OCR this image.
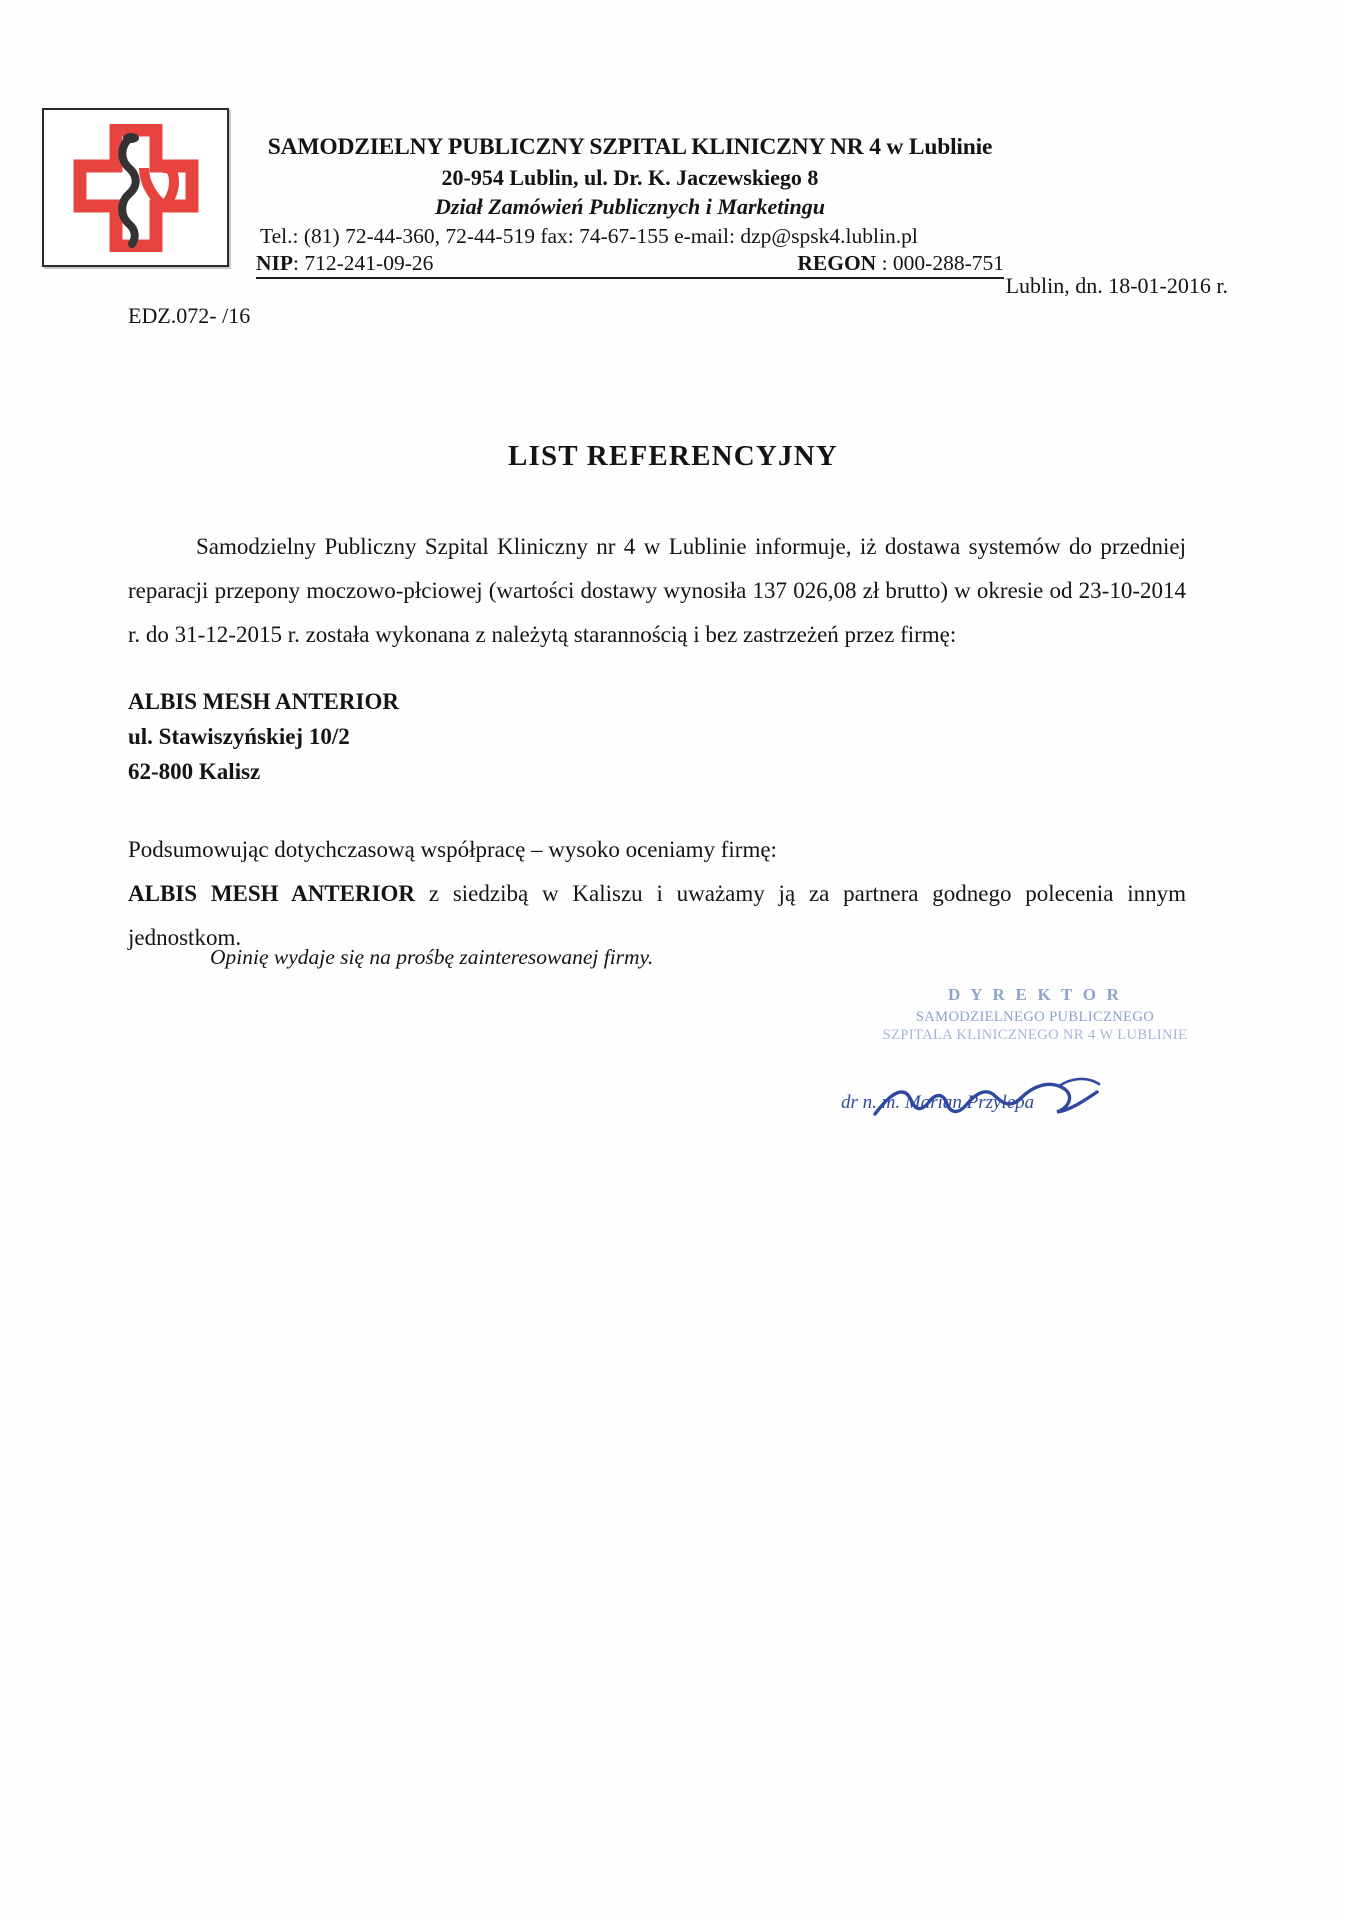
SAMODZIELNY PUBLICZNY SZPITAL KLINICZNY NR 4 w Lublinie
20-954 Lublin, ul. Dr. K. Jaczewskiego 8
Dział Zamówień Publicznych i Marketingu
Tel.: (81) 72-44-360, 72-44-519 fax: 74-67-155 e-mail: dzp@spsk4.lublin.pl
NIP: 712-241-09-26	REGON : 000-288-751
Lublin, dn. 18-01-2016 r.
EDZ.072- /16
LIST REFERENCYJNY

Samodzielny Publiczny Szpital Kliniczny nr 4 w Lublinie informuje, iż dostawa systemów do przedniej reparacji przepony moczowo-płciowej (wartości dostawy wynosiła 137 026,08 zł brutto) w okresie od 23-10-2014 r. do 31-12-2015 r. została wykonana z należytą starannością i bez zastrzeżeń przez firmę:

ALBIS MESH ANTERIOR
ul. Stawiszyńskiej 10/2
62-800 Kalisz

Podsumowując dotychczasową współpracę – wysoko oceniamy firmę:
ALBIS MESH ANTERIOR z siedzibą w Kaliszu i uważamy ją za partnera godnego polecenia innym jednostkom.

Opinię wydaje się na prośbę zainteresowanej firmy.
D Y R E K T O R
SAMODZIELNEGO PUBLICZNEGO
SZPITALA KLINICZNEGO NR 4 W LUBLINIE
dr n. m. Marian Przylepa
